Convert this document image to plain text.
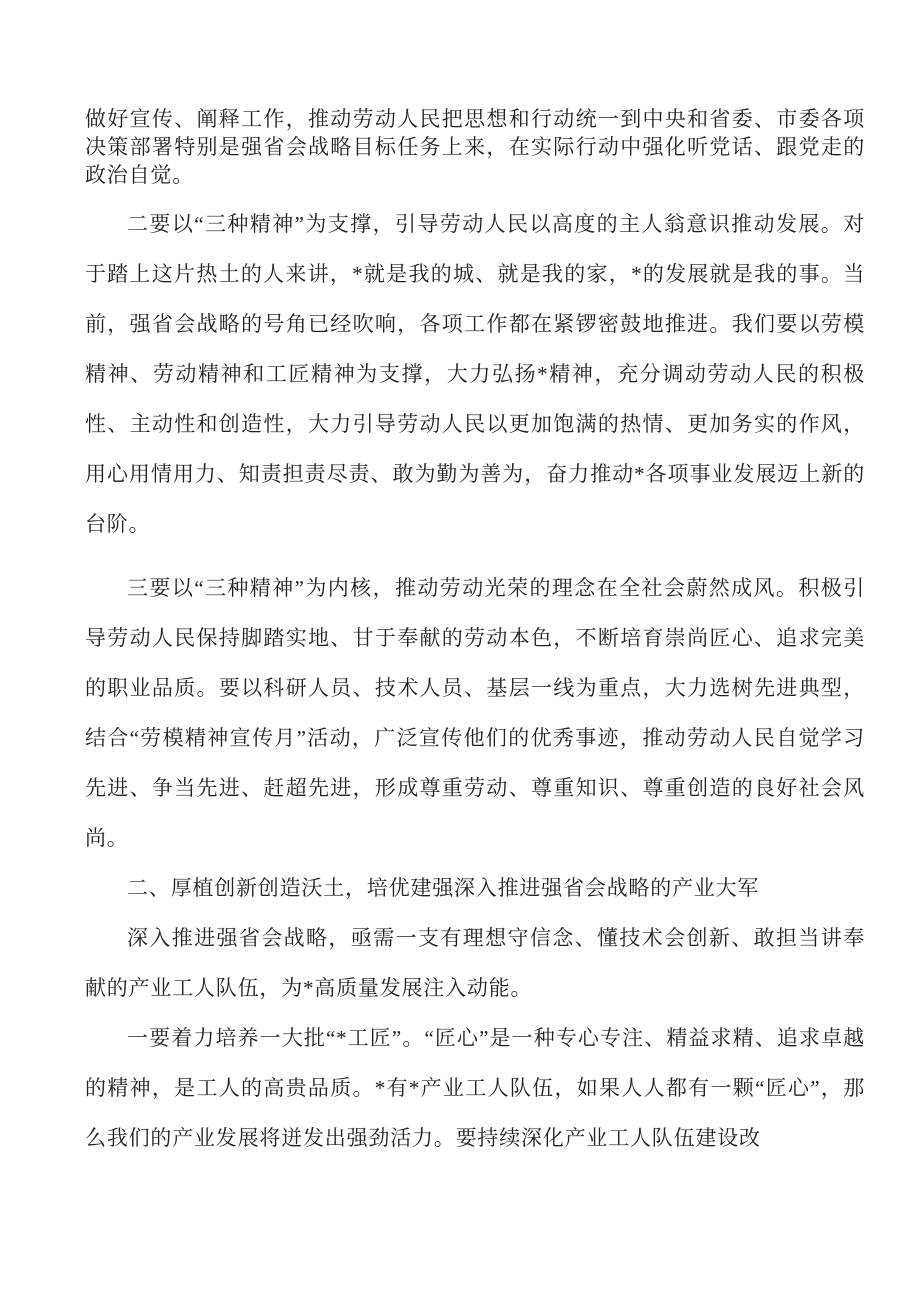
做好宣传、阐释工作，推动劳动人民把思想和行动统一到中央和省委、市委各项决策部署特别是强省会战略目标任务上来，在实际行动中强化听党话、跟党走的政治自觉。

二要以“三种精神”为支撑，引导劳动人民以高度的主人翁意识推动发展。对于踏上这片热土的人来讲，*就是我的城、就是我的家，*的发展就是我的事。当前，强省会战略的号角已经吹响，各项工作都在紧锣密鼓地推进。我们要以劳模精神、劳动精神和工匠精神为支撑，大力弘扬*精神，充分调动劳动人民的积极性、主动性和创造性，大力引导劳动人民以更加饱满的热情、更加务实的作风，用心用情用力、知责担责尽责、敢为勤为善为，奋力推动*各项事业发展迈上新的台阶。

三要以“三种精神”为内核，推动劳动光荣的理念在全社会蔚然成风。积极引导劳动人民保持脚踏实地、甘于奉献的劳动本色，不断培育崇尚匠心、追求完美的职业品质。要以科研人员、技术人员、基层一线为重点，大力选树先进典型，结合“劳模精神宣传月”活动，广泛宣传他们的优秀事迹，推动劳动人民自觉学习先进、争当先进、赶超先进，形成尊重劳动、尊重知识、尊重创造的良好社会风尚。

二、厚植创新创造沃土，培优建强深入推进强省会战略的产业大军

深入推进强省会战略，亟需一支有理想守信念、懂技术会创新、敢担当讲奉献的产业工人队伍，为*高质量发展注入动能。

一要着力培养一大批“*工匠”。“匠心”是一种专心专注、精益求精、追求卓越的精神，是工人的高贵品质。*有*产业工人队伍，如果人人都有一颗“匠心”，那么我们的产业发展将迸发出强劲活力。要持续深化产业工人队伍建设改
